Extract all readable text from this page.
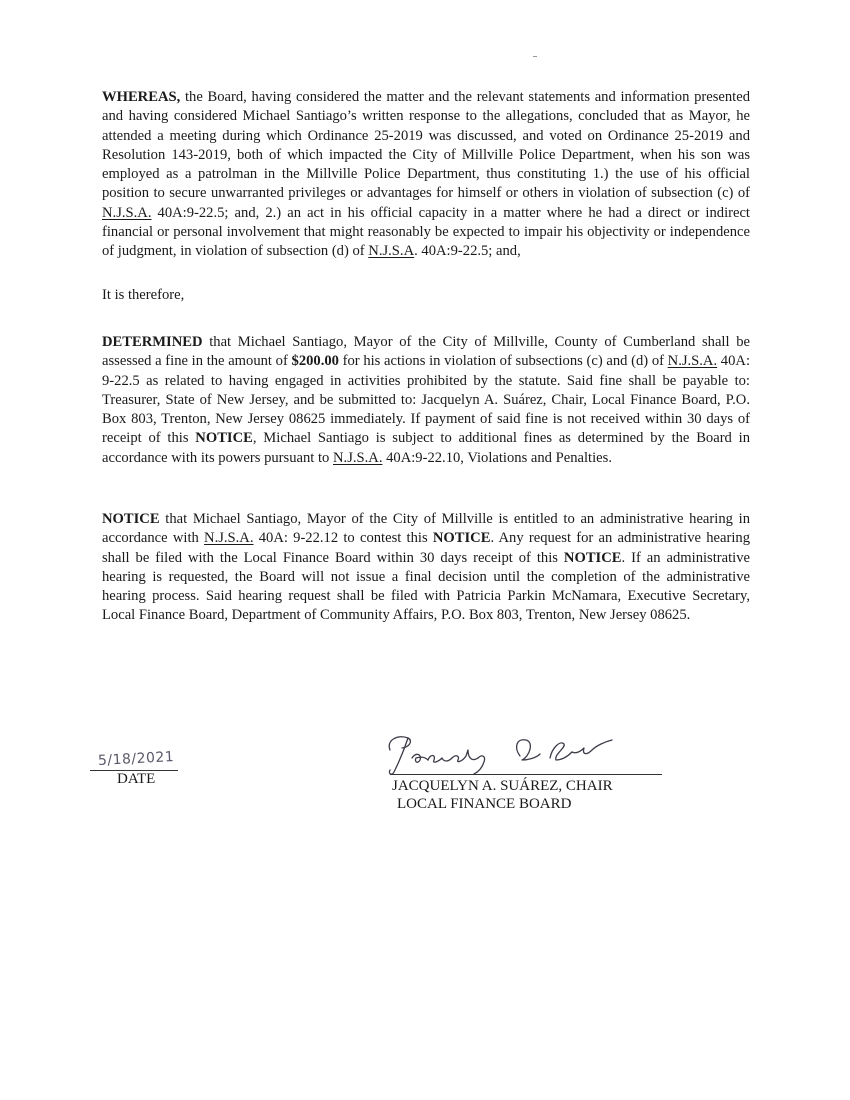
WHEREAS, the Board, having considered the matter and the relevant statements and information presented and having considered Michael Santiago’s written response to the allegations, concluded that as Mayor, he attended a meeting during which Ordinance 25-2019 was discussed, and voted on Ordinance 25-2019 and Resolution 143-2019, both of which impacted the City of Millville Police Department, when his son was employed as a patrolman in the Millville Police Department, thus constituting 1.) the use of his official position to secure unwarranted privileges or advantages for himself or others in violation of subsection (c) of N.J.S.A. 40A:9-22.5; and, 2.) an act in his official capacity in a matter where he had a direct or indirect financial or personal involvement that might reasonably be expected to impair his objectivity or independence of judgment, in violation of subsection (d) of N.J.S.A. 40A:9-22.5; and,

It is therefore,

DETERMINED that Michael Santiago, Mayor of the City of Millville, County of Cumberland shall be assessed a fine in the amount of $200.00 for his actions in violation of subsections (c) and (d) of N.J.S.A. 40A: 9-22.5 as related to having engaged in activities prohibited by the statute. Said fine shall be payable to: Treasurer, State of New Jersey, and be submitted to: Jacquelyn A. Suárez, Chair, Local Finance Board, P.O. Box 803, Trenton, New Jersey 08625 immediately. If payment of said fine is not received within 30 days of receipt of this NOTICE, Michael Santiago is subject to additional fines as determined by the Board in accordance with its powers pursuant to N.J.S.A. 40A:9-22.10, Violations and Penalties.

NOTICE that Michael Santiago, Mayor of the City of Millville is entitled to an administrative hearing in accordance with N.J.S.A. 40A: 9-22.12 to contest this NOTICE. Any request for an administrative hearing shall be filed with the Local Finance Board within 30 days receipt of this NOTICE. If an administrative hearing is requested, the Board will not issue a final decision until the completion of the administrative hearing process. Said hearing request shall be filed with Patricia Parkin McNamara, Executive Secretary, Local Finance Board, Department of Community Affairs, P.O. Box 803, Trenton, New Jersey 08625.

5/18/2021
DATE	JACQUELYN A. SUÁREZ, CHAIR
LOCAL FINANCE BOARD
